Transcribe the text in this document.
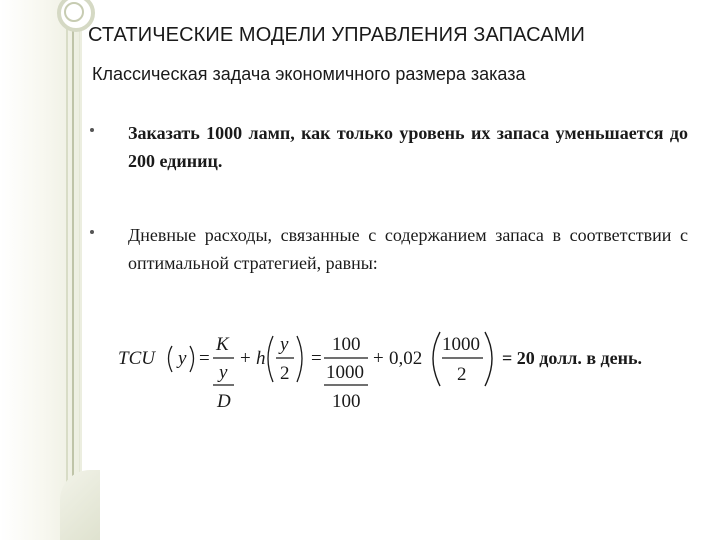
СТАТИЧЕСКИЕ МОДЕЛИ УПРАВЛЕНИЯ ЗАПАСАМИ
Классическая задача экономичного размера заказа
Заказать 1000 ламп, как только уровень их запаса уменьшается до 200 единиц.
Дневные расходы, связанные с содержанием запаса в соответствии с оптимальной стратегией, равны:
TCU y =
K
y
D
+ h
y
2
=
100
1000
100
+ 0,02
1000
2
= 20 долл. в день.
